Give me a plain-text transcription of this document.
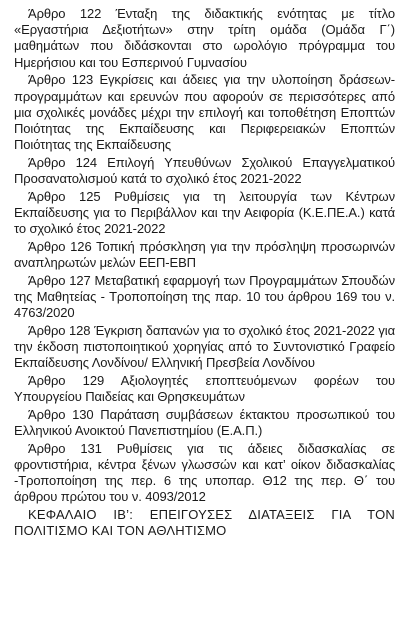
Άρθρο 122 Ένταξη της διδακτικής ενότητας με τίτλο «Εργαστήρια Δεξιοτήτων» στην τρίτη ομάδα (Ομάδα Γ΄) μαθημάτων που διδάσκονται στο ωρολόγιο πρόγραμμα του Ημερήσιου και του Εσπερινού Γυμνασίου

Άρθρο 123 Εγκρίσεις και άδειες για την υλοποίηση δράσεων-προγραμμάτων και ερευνών που αφορούν σε περισσότερες από μια σχολικές μονάδες μέχρι την επιλογή και τοποθέτηση Εποπτών Ποιότητας της Εκπαίδευσης και Περιφερειακών Εποπτών Ποιότητας της Εκπαίδευσης

Άρθρο 124 Επιλογή Υπευθύνων Σχολικού Επαγγελματικού Προσανατολισμού κατά το σχολικό έτος 2021-2022

Άρθρο 125 Ρυθμίσεις για τη λειτουργία των Κέντρων Εκπαίδευσης για το Περιβάλλον και την Αειφορία (Κ.Ε.ΠΕ.Α.) κατά το σχολικό έτος 2021-2022

Άρθρο 126 Τοπική πρόσκληση για την πρόσληψη προσωρινών αναπληρωτών μελών ΕΕΠ-ΕΒΠ

Άρθρο 127 Μεταβατική εφαρμογή των Προγραμμάτων Σπουδών της Μαθητείας - Τροποποίηση της παρ. 10 του άρθρου 169 του ν. 4763/2020

Άρθρο 128 Έγκριση δαπανών για το σχολικό έτος 2021-2022 για την έκδοση πιστοποιητικού χορηγίας από το Συντονιστικό Γραφείο Εκπαίδευσης Λονδίνου/ Ελληνική Πρεσβεία Λονδίνου

Άρθρο 129 Αξιολογητές εποπτευόμενων φορέων του Υπουργείου Παιδείας και Θρησκευμάτων

Άρθρο 130 Παράταση συμβάσεων έκτακτου προσωπικού του Ελληνικού Ανοικτού Πανεπιστημίου (Ε.Α.Π.)

Άρθρο 131 Ρυθμίσεις για τις άδειες διδασκαλίας σε φροντιστήρια, κέντρα ξένων γλωσσών και κατ’ οίκον διδασκαλίας -Τροποποίηση της περ. 6 της υποπαρ. Θ12 της περ. Θ΄ του άρθρου πρώτου του ν. 4093/2012

ΚΕΦΑΛΑΙΟ ΙΒ’: ΕΠΕΙΓΟΥΣΕΣ ΔΙΑΤΑΞΕΙΣ ΓΙΑ ΤΟΝ ΠΟΛΙΤΙΣΜΟ ΚΑΙ ΤΟΝ ΑΘΛΗΤΙΣΜΟ
